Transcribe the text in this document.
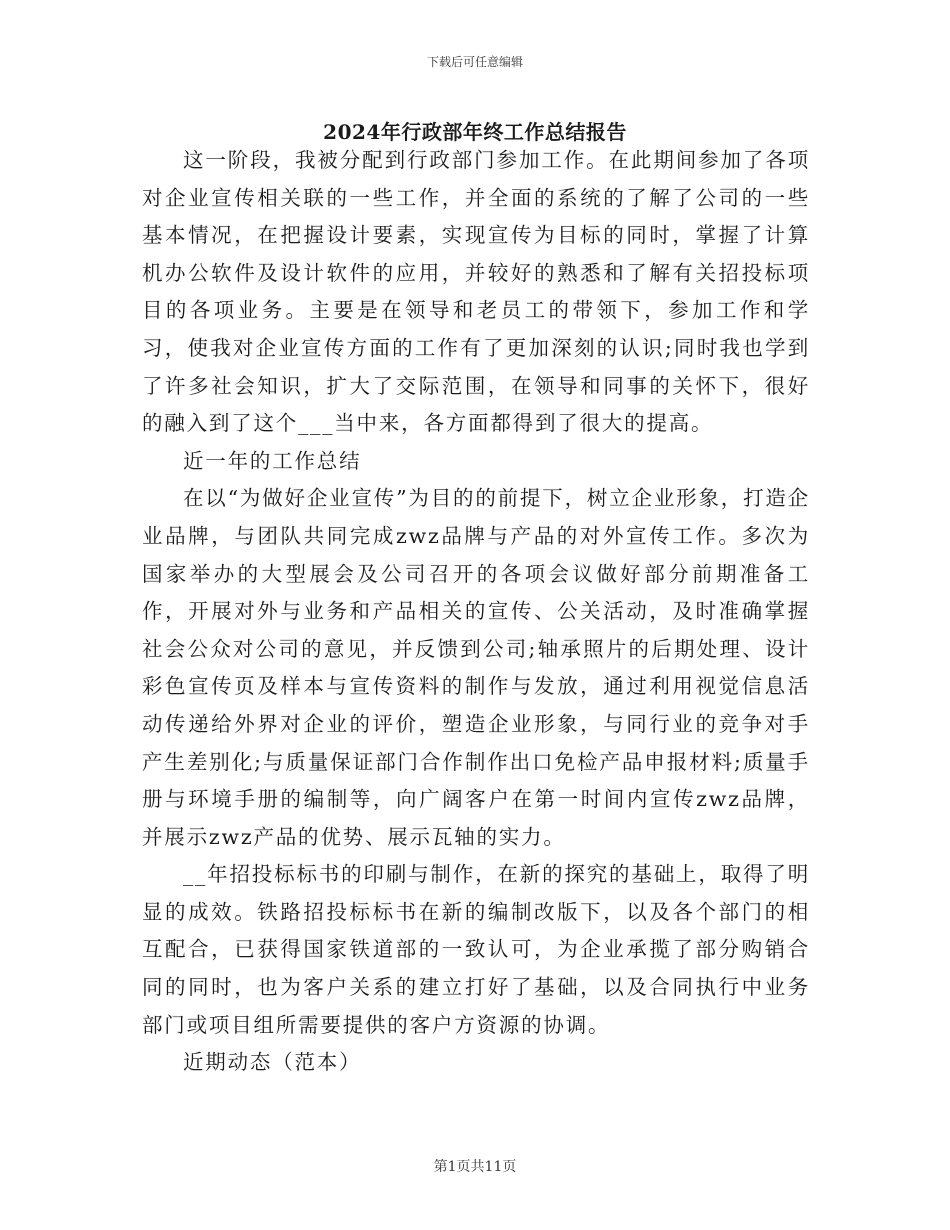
下载后可任意编辑
2024年行政部年终工作总结报告

这一阶段，我被分配到行政部门参加工作。在此期间参加了各项对企业宣传相关联的一些工作，并全面的系统的了解了公司的一些基本情况，在把握设计要素，实现宣传为目标的同时，掌握了计算机办公软件及设计软件的应用，并较好的熟悉和了解有关招投标项目的各项业务。主要是在领导和老员工的带领下，参加工作和学习，使我对企业宣传方面的工作有了更加深刻的认识;同时我也学到了许多社会知识，扩大了交际范围，在领导和同事的关怀下，很好的融入到了这个___当中来，各方面都得到了很大的提高。

近一年的工作总结

在以“为做好企业宣传”为目的的前提下，树立企业形象，打造企业品牌，与团队共同完成zwz品牌与产品的对外宣传工作。多次为国家举办的大型展会及公司召开的各项会议做好部分前期准备工作，开展对外与业务和产品相关的宣传、公关活动，及时准确掌握社会公众对公司的意见，并反馈到公司;轴承照片的后期处理、设计彩色宣传页及样本与宣传资料的制作与发放，通过利用视觉信息活动传递给外界对企业的评价，塑造企业形象，与同行业的竞争对手产生差别化;与质量保证部门合作制作出口免检产品申报材料;质量手册与环境手册的编制等，向广阔客户在第一时间内宣传zwz品牌，并展示zwz产品的优势、展示瓦轴的实力。

__年招投标标书的印刷与制作，在新的探究的基础上，取得了明显的成效。铁路招投标标书在新的编制改版下，以及各个部门的相互配合，已获得国家铁道部的一致认可，为企业承揽了部分购销合同的同时，也为客户关系的建立打好了基础，以及合同执行中业务部门或项目组所需要提供的客户方资源的协调。

近期动态（范本）

第1页共11页
